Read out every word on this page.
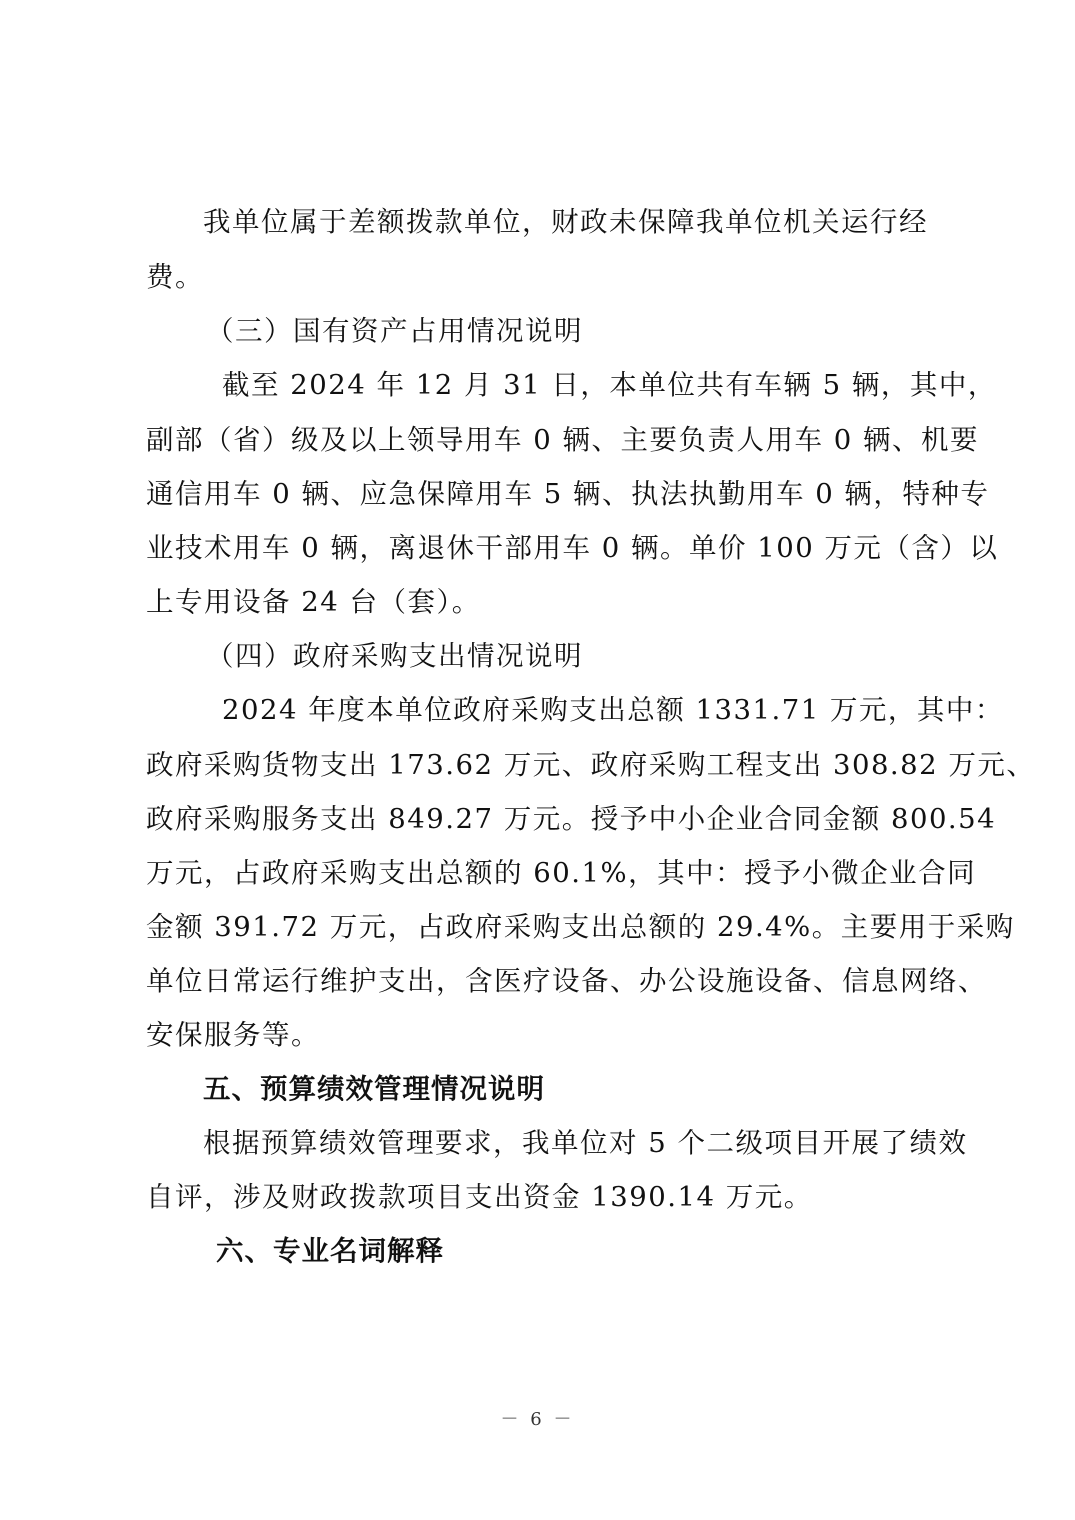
我单位属于差额拨款单位，财政未保障我单位机关运行经
费。
（三）国有资产占用情况说明
截至 2024 年 12 月 31 日，本单位共有车辆 5 辆，其中，
副部（省）级及以上领导用车 0 辆、主要负责人用车 0 辆、机要
通信用车 0 辆、应急保障用车 5 辆、执法执勤用车 0 辆，特种专
业技术用车 0 辆，离退休干部用车 0 辆。单价 100 万元（含）以
上专用设备 24 台（套）。
（四）政府采购支出情况说明
2024 年度本单位政府采购支出总额 1331.71 万元，其中：
政府采购货物支出 173.62 万元、政府采购工程支出 308.82 万元、
政府采购服务支出 849.27 万元。授予中小企业合同金额 800.54
万元，占政府采购支出总额的 60.1%，其中：授予小微企业合同
金额 391.72 万元，占政府采购支出总额的 29.4%。主要用于采购
单位日常运行维护支出，含医疗设备、办公设施设备、信息网络、
安保服务等。
五、预算绩效管理情况说明
根据预算绩效管理要求，我单位对 5 个二级项目开展了绩效
自评，涉及财政拨款项目支出资金 1390.14 万元。
六、专业名词解释
－ 6 －
